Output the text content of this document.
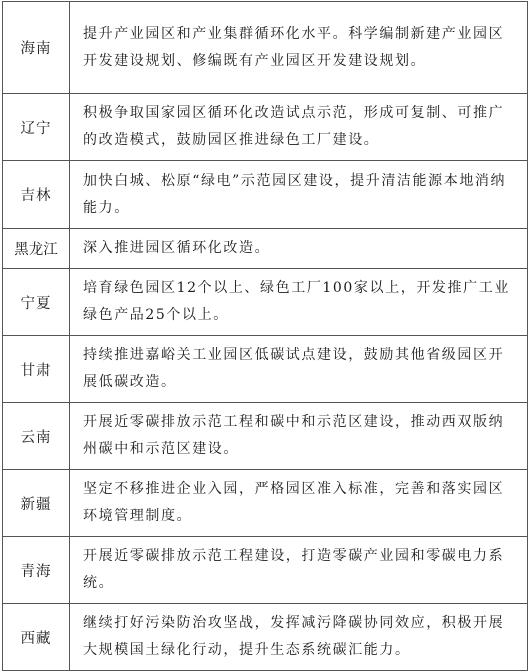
海南	提升产业园区和产业集群循环化水平。科学编制新建产业园区开发建设规划、修编既有产业园区开发建设规划。
辽宁	积极争取国家园区循环化改造试点示范，形成可复制、可推广的改造模式，鼓励园区推进绿色工厂建设。
吉林	加快白城、松原“绿电”示范园区建设，提升清洁能源本地消纳能力。
黑龙江	深入推进园区循环化改造。
宁夏	培育绿色园区12个以上、绿色工厂100家以上，开发推广工业绿色产品25个以上。
甘肃	持续推进嘉峪关工业园区低碳试点建设，鼓励其他省级园区开展低碳改造。
云南	开展近零碳排放示范工程和碳中和示范区建设，推动西双版纳州碳中和示范区建设。
新疆	坚定不移推进企业入园，严格园区准入标准，完善和落实园区环境管理制度。
青海	开展近零碳排放示范工程建设，打造零碳产业园和零碳电力系统。
西藏	继续打好污染防治攻坚战，发挥减污降碳协同效应，积极开展大规模国土绿化行动，提升生态系统碳汇能力。
